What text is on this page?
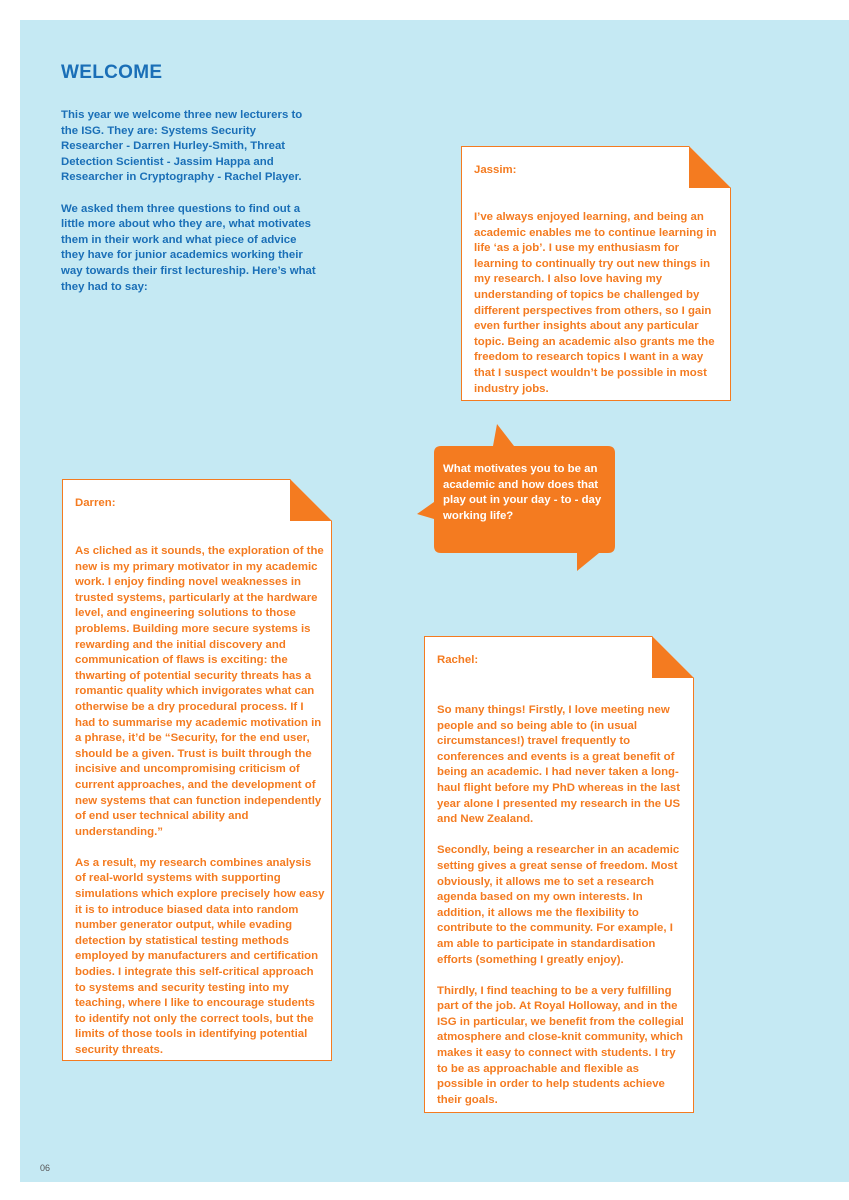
WELCOME

This year we welcome three new lecturers to the ISG. They are: Systems Security Researcher - Darren Hurley-Smith, Threat Detection Scientist - Jassim Happa and Researcher in Cryptography - Rachel Player.

We asked them three questions to find out a little more about who they are, what motivates them in their work and what piece of advice they have for junior academics working their way towards their first lectureship. Here’s what they had to say:

Jassim:

I’ve always enjoyed learning, and being an academic enables me to continue learning in life ‘as a job’. I use my enthusiasm for learning to continually try out new things in my research. I also love having my understanding of topics be challenged by different perspectives from others, so I gain even further insights about any particular topic. Being an academic also grants me the freedom to research topics I want in a way that I suspect wouldn’t be possible in most industry jobs.

What motivates you to be an academic and how does that play out in your day - to - day working life?
Darren:

As cliched as it sounds, the exploration of the new is my primary motivator in my academic work. I enjoy finding novel weaknesses in trusted systems, particularly at the hardware level, and engineering solutions to those problems. Building more secure systems is rewarding and the initial discovery and communication of flaws is exciting: the thwarting of potential security threats has a romantic quality which invigorates what can otherwise be a dry procedural process. If I had to summarise my academic motivation in a phrase, it’d be “Security, for the end user, should be a given. Trust is built through the incisive and uncompromising criticism of current approaches, and the development of new systems that can function independently of end user technical ability and understanding.”

As a result, my research combines analysis of real-world systems with supporting simulations which explore precisely how easy it is to introduce biased data into random number generator output, while evading detection by statistical testing methods employed by manufacturers and certification bodies. I integrate this self-critical approach to systems and security testing into my teaching, where I like to encourage students to identify not only the correct tools, but the limits of those tools in identifying potential security threats.

Rachel:

So many things! Firstly, I love meeting new people and so being able to (in usual circumstances!) travel frequently to conferences and events is a great benefit of being an academic. I had never taken a long-haul flight before my PhD whereas in the last year alone I presented my research in the US and New Zealand.

Secondly, being a researcher in an academic setting gives a great sense of freedom. Most obviously, it allows me to set a research agenda based on my own interests. In addition, it allows me the flexibility to contribute to the community. For example, I am able to participate in standardisation efforts (something I greatly enjoy).

Thirdly, I find teaching to be a very fulfilling part of the job. At Royal Holloway, and in the ISG in particular, we benefit from the collegial atmosphere and close-knit community, which makes it easy to connect with students. I try to be as approachable and flexible as possible in order to help students achieve their goals.

06
